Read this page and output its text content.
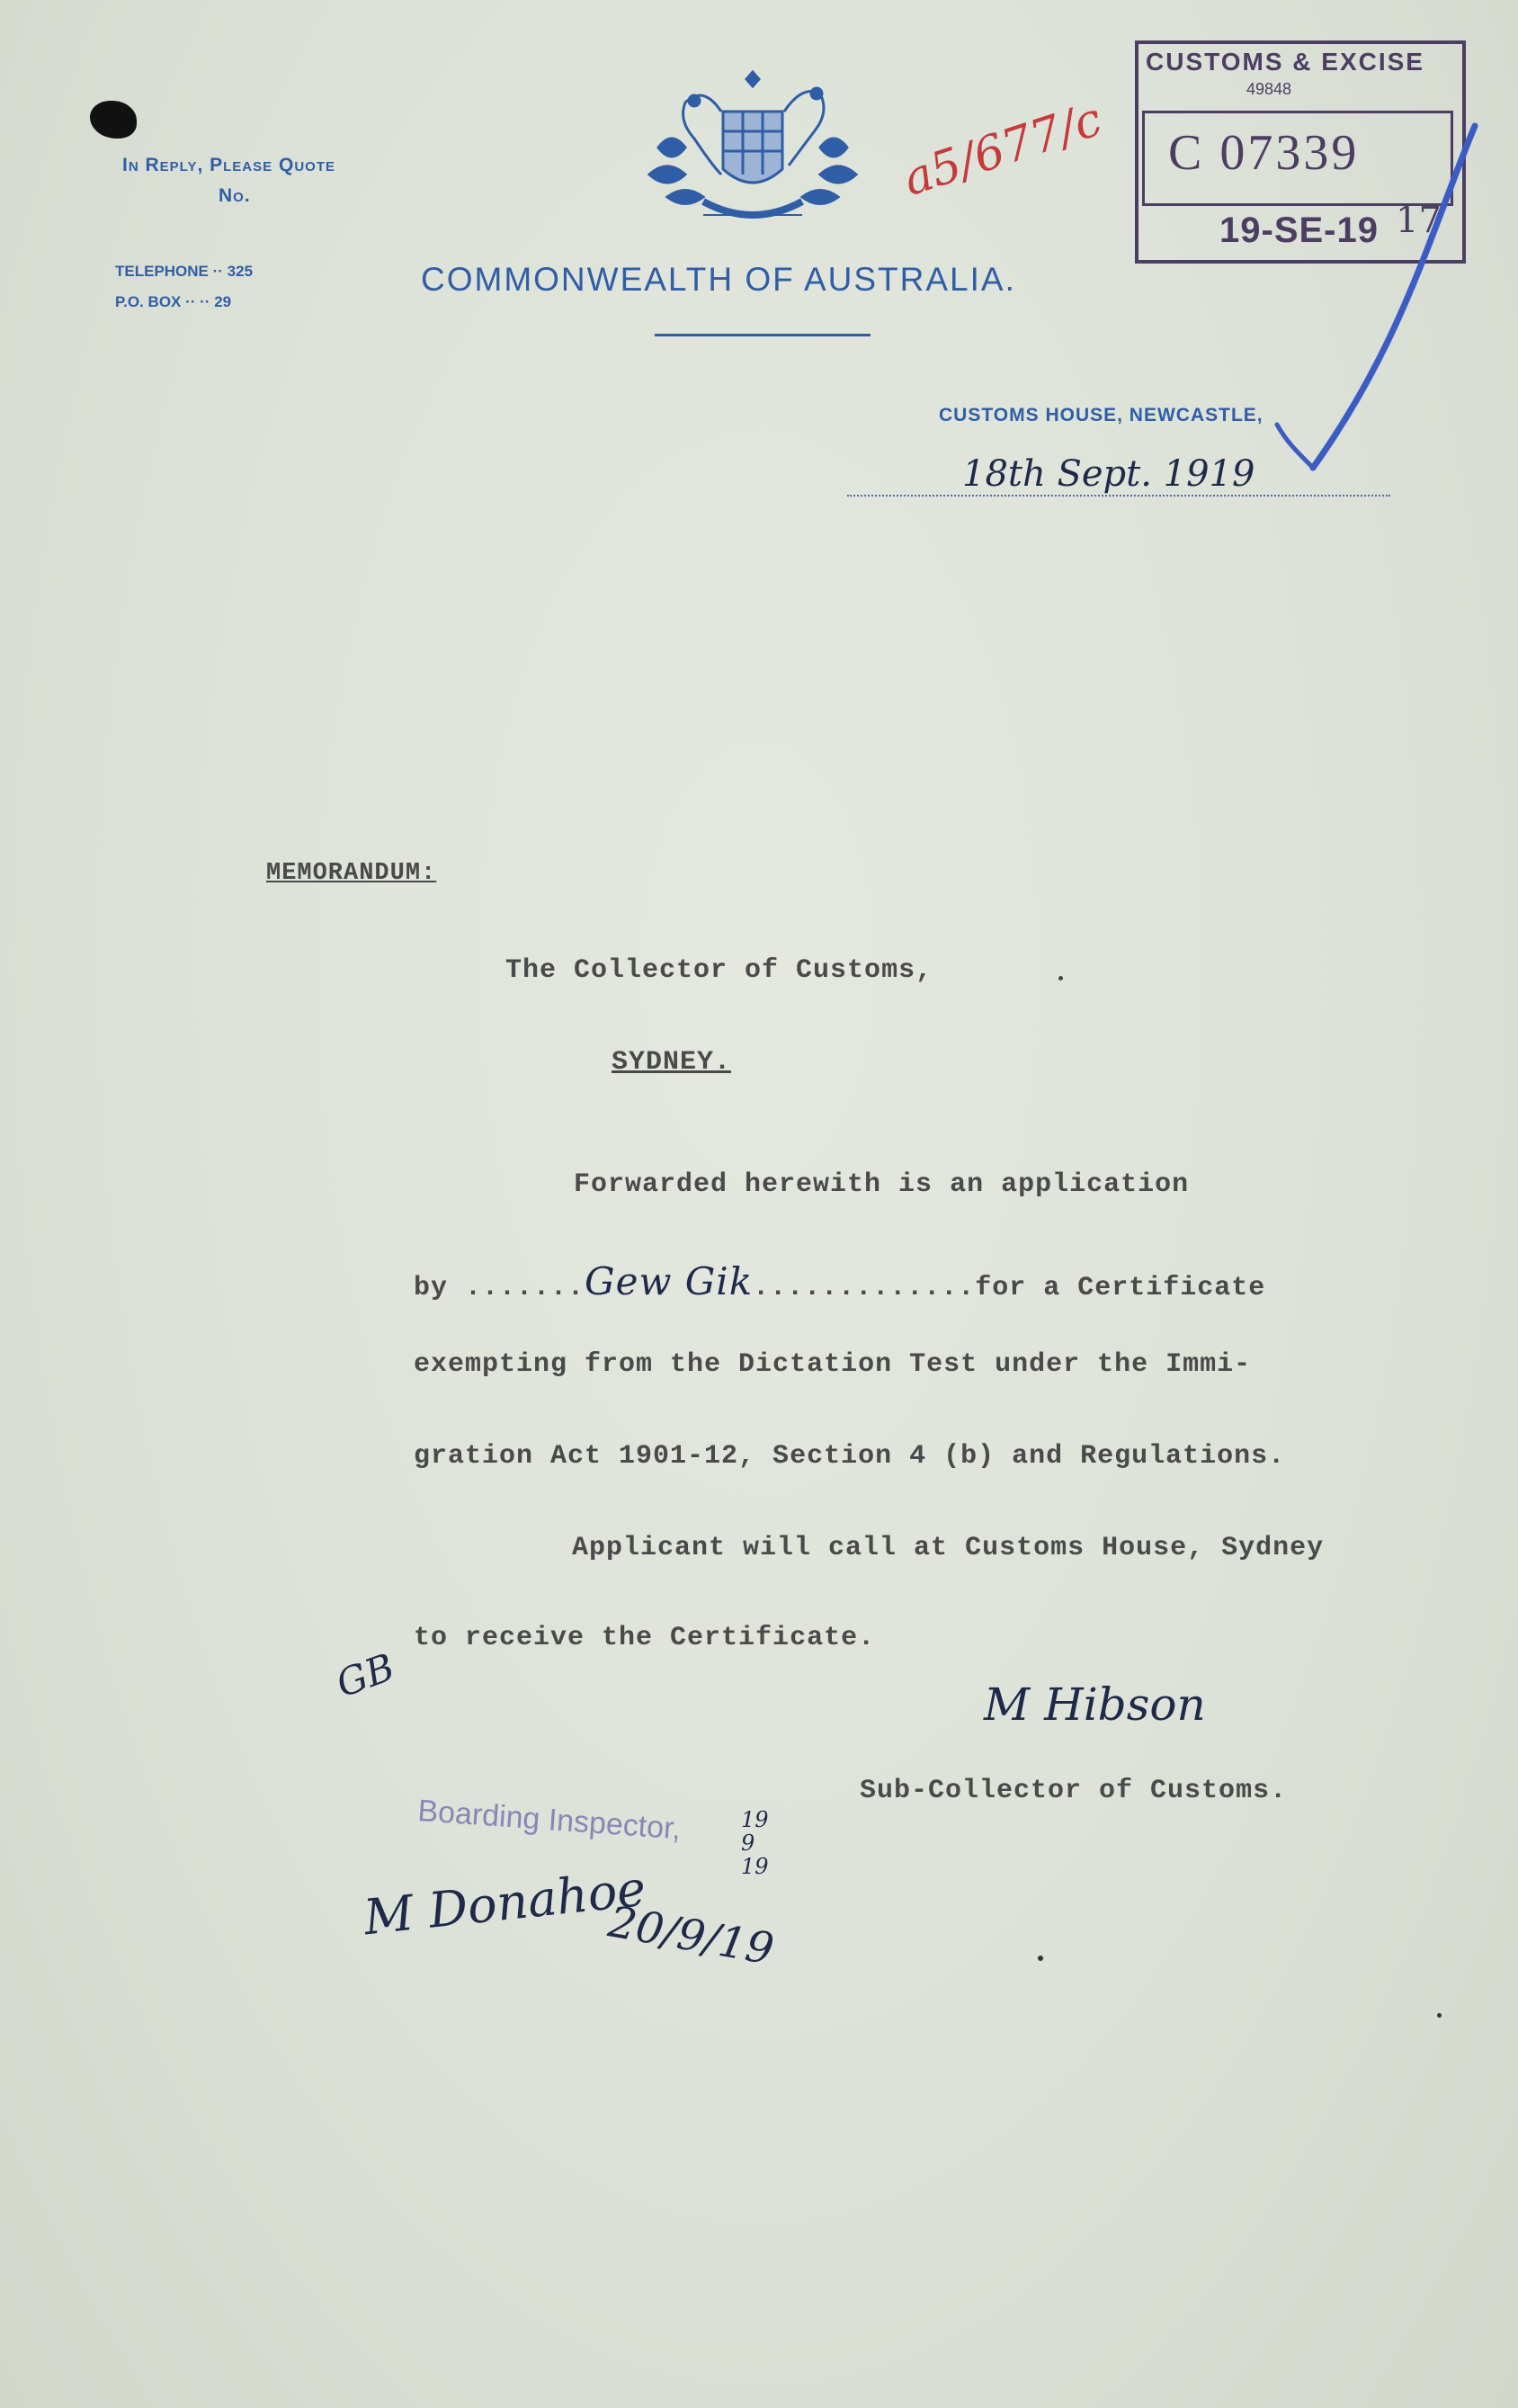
In Reply, Please Quote
No.
TELEPHONE ·· 325
P.O. BOX ·· ·· 29
COMMONWEALTH OF AUSTRALIA.
CUSTOMS & EXCISE
49848
C 07339
19-SE-19 17
a5/677/c
CUSTOMS HOUSE, NEWCASTLE,
18th Sept. 1919
MEMORANDUM:
The Collector of Customs,
SYDNEY.
Forwarded herewith is an application
by .......Gew Gik.............for a Certificate
exempting from the Dictation Test under the Immi-
gration Act 1901-12, Section 4 (b) and Regulations.
Applicant will call at Customs House, Sydney
to receive the Certificate.
GB	M Hibson
Sub-Collector of Customs.
Boarding Inspector,	19 9 19
M Donahoe
20/9/19
